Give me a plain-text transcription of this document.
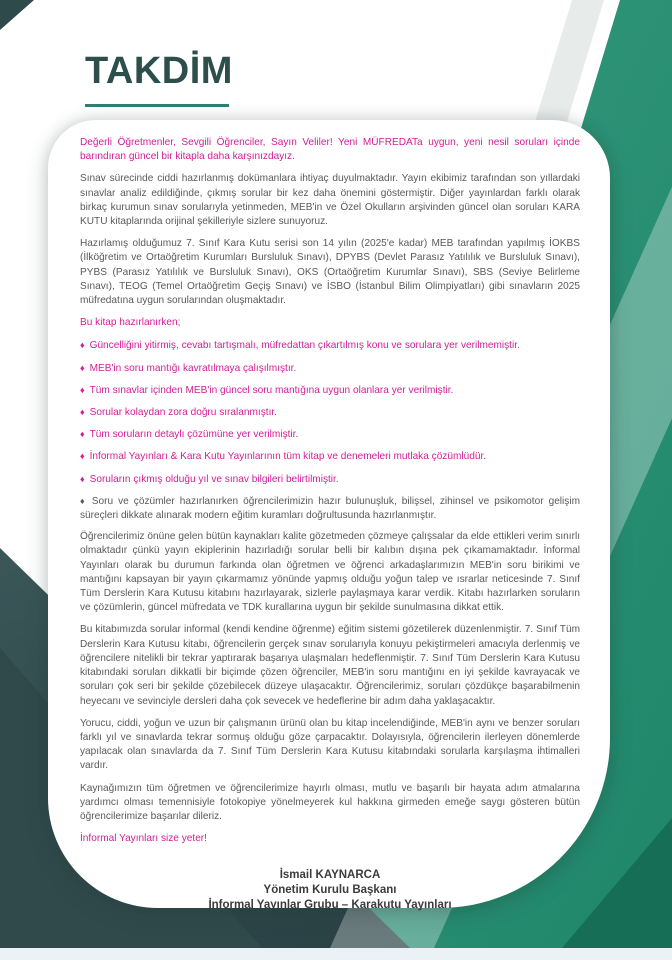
TAKDİM

Değerli Öğretmenler, Sevgili Öğrenciler, Sayın Veliler! Yeni MÜFREDATa uygun, yeni nesil soruları içinde barındıran güncel bir kitapla daha karşınızdayız.

Sınav sürecinde ciddi hazırlanmış dokümanlara ihtiyaç duyulmaktadır. Yayın ekibimiz tarafından son yıllardaki sınavlar analiz edildiğinde, çıkmış sorular bir kez daha önemini göstermiştir. Diğer yayınlardan farklı olarak birkaç kurumun sınav sorularıyla yetinmeden, MEB'in ve Özel Okulların arşivinden güncel olan soruları KARA KUTU kitaplarında orijinal şekilleriyle sizlere sunuyoruz.

Hazırlamış olduğumuz 7. Sınıf Kara Kutu serisi son 14 yılın (2025'e kadar) MEB tarafından yapılmış İOKBS (İlköğretim ve Ortaöğretim Kurumları Bursluluk Sınavı), DPYBS (Devlet Parasız Yatılılık ve Bursluluk Sınavı), PYBS (Parasız Yatılılık ve Bursluluk Sınavı), OKS (Ortaöğretim Kurumlar Sınavı), SBS (Seviye Belirleme Sınavı), TEOG (Temel Ortaöğretim Geçiş Sınavı) ve İSBO (İstanbul Bilim Olimpiyatları) gibi sınavların 2025 müfredatına uygun sorularından oluşmaktadır.

Bu kitap hazırlanırken;

♦ Güncelliğini yitirmiş, cevabı tartışmalı, müfredattan çıkartılmış konu ve sorulara yer verilmemiştir.

♦ MEB'in soru mantığı kavratılmaya çalışılmıştır.

♦ Tüm sınavlar içinden MEB'in güncel soru mantığına uygun olanlara yer verilmiştir.

♦ Sorular kolaydan zora doğru sıralanmıştır.

♦ Tüm soruların detaylı çözümüne yer verilmiştir.

♦ İnformal Yayınları & Kara Kutu Yayınlarının tüm kitap ve denemeleri mutlaka çözümlüdür.

♦ Soruların çıkmış olduğu yıl ve sınav bilgileri belirtilmiştir.

♦ Soru ve çözümler hazırlanırken öğrencilerimizin hazır bulunuşluk, bilişsel, zihinsel ve psikomotor gelişim süreçleri dikkate alınarak modern eğitim kuramları doğrultusunda hazırlanmıştır.

Öğrencilerimiz önüne gelen bütün kaynakları kalite gözetmeden çözmeye çalışsalar da elde ettikleri verim sınırlı olmaktadır çünkü yayın ekiplerinin hazırladığı sorular belli bir kalıbın dışına pek çıkamamaktadır. İnformal Yayınları olarak bu durumun farkında olan öğretmen ve öğrenci arkadaşlarımızın MEB'in soru birikimi ve mantığını kapsayan bir yayın çıkarmamız yönünde yapmış olduğu yoğun talep ve ısrarlar neticesinde 7. Sınıf Tüm Derslerin Kara Kutusu kitabını hazırlayarak, sizlerle paylaşmaya karar verdik. Kitabı hazırlarken soruların ve çözümlerin, güncel müfredata ve TDK kurallarına uygun bir şekilde sunulmasına dikkat ettik.

Bu kitabımızda sorular informal (kendi kendine öğrenme) eğitim sistemi gözetilerek düzenlenmiştir. 7. Sınıf Tüm Derslerin Kara Kutusu kitabı, öğrencilerin gerçek sınav sorularıyla konuyu pekiştirmeleri amacıyla derlenmiş ve öğrencilere nitelikli bir tekrar yaptırarak başarıya ulaşmaları hedeflenmiştir. 7. Sınıf Tüm Derslerin Kara Kutusu kitabındaki soruları dikkatli bir biçimde çözen öğrenciler, MEB'in soru mantığını en iyi şekilde kavrayacak ve soruları çok seri bir şekilde çözebilecek düzeye ulaşacaktır. Öğrencilerimiz, soruları çözdükçe başarabilmenin heyecanı ve sevinciyle dersleri daha çok sevecek ve hedeflerine bir adım daha yaklaşacaktır.

Yorucu, ciddi, yoğun ve uzun bir çalışmanın ürünü olan bu kitap incelendiğinde, MEB'in aynı ve benzer soruları farklı yıl ve sınavlarda tekrar sormuş olduğu göze çarpacaktır. Dolayısıyla, öğrencilerin ilerleyen dönemlerde yapılacak olan sınavlarda da 7. Sınıf Tüm Derslerin Kara Kutusu kitabındaki sorularla karşılaşma ihtimalleri vardır.

Kaynağımızın tüm öğretmen ve öğrencilerimize hayırlı olması, mutlu ve başarılı bir hayata adım atmalarına yardımcı olması temennisiyle fotokopiye yönelmeyerek kul hakkına girmeden emeğe saygı gösteren bütün öğrencilerimize başarılar dileriz.

İnformal Yayınları size yeter!

İsmail KAYNARCA
Yönetim Kurulu Başkanı
İnformal Yayınlar Grubu – Karakutu Yayınları
